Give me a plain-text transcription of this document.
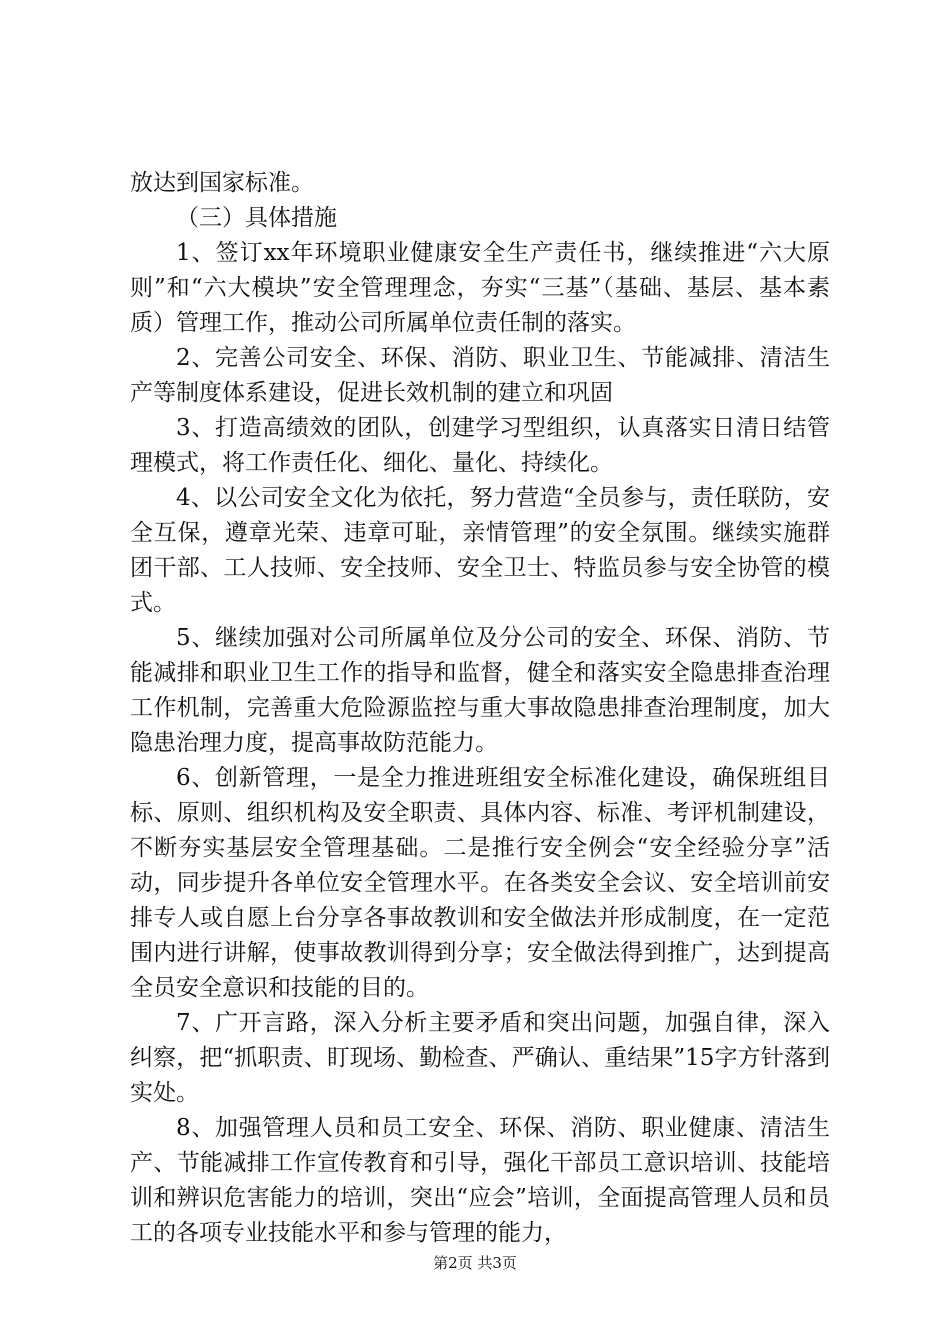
放达到国家标准。

（三）具体措施

1、签订xx年环境职业健康安全生产责任书，继续推进“六大原则”和“六大模块”安全管理理念，夯实“三基”（基础、基层、基本素质）管理工作，推动公司所属单位责任制的落实。

2、完善公司安全、环保、消防、职业卫生、节能减排、清洁生产等制度体系建设，促进长效机制的建立和巩固

3、打造高绩效的团队，创建学习型组织，认真落实日清日结管理模式，将工作责任化、细化、量化、持续化。

4、以公司安全文化为依托，努力营造“全员参与，责任联防，安全互保，遵章光荣、违章可耻，亲情管理”的安全氛围。继续实施群团干部、工人技师、安全技师、安全卫士、特监员参与安全协管的模式。

5、继续加强对公司所属单位及分公司的安全、环保、消防、节能减排和职业卫生工作的指导和监督，健全和落实安全隐患排查治理工作机制，完善重大危险源监控与重大事故隐患排查治理制度，加大隐患治理力度，提高事故防范能力。

6、创新管理，一是全力推进班组安全标准化建设，确保班组目标、原则、组织机构及安全职责、具体内容、标准、考评机制建设，不断夯实基层安全管理基础。二是推行安全例会“安全经验分享”活动，同步提升各单位安全管理水平。在各类安全会议、安全培训前安排专人或自愿上台分享各事故教训和安全做法并形成制度，在一定范围内进行讲解，使事故教训得到分享；安全做法得到推广，达到提高全员安全意识和技能的目的。

7、广开言路，深入分析主要矛盾和突出问题，加强自律，深入纠察，把“抓职责、盯现场、勤检查、严确认、重结果”15字方针落到实处。

8、加强管理人员和员工安全、环保、消防、职业健康、清洁生产、节能减排工作宣传教育和引导，强化干部员工意识培训、技能培训和辨识危害能力的培训，突出“应会”培训，全面提高管理人员和员工的各项专业技能水平和参与管理的能力，

第2页 共3页
